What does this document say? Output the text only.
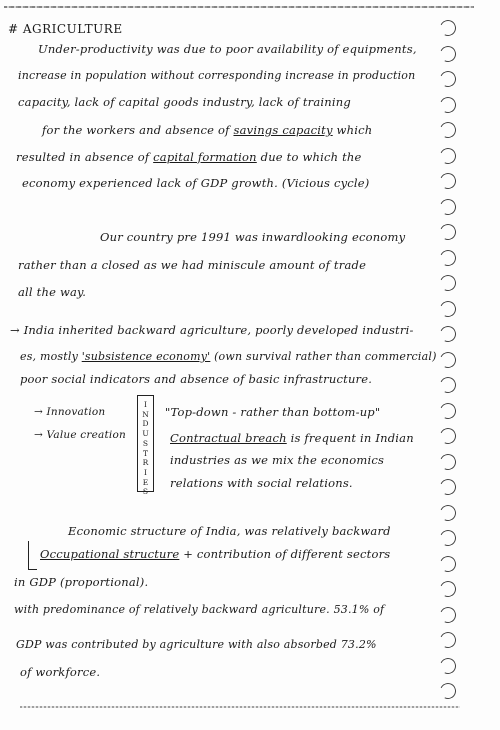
# AGRICULTURE
Under-productivity was due to poor availability of equipments,
increase in population without corresponding increase in production
capacity, lack of capital goods industry, lack of training
for the workers and absence of savings capacity which
resulted in absence of capital formation due to which the
economy experienced lack of GDP growth. (Vicious cycle)
Our country pre 1991 was inwardlooking economy
rather than a closed as we had miniscule amount of trade
all the way.
→ India inherited backward agriculture, poorly developed industri-
es, mostly 'subsistence economy' (own survival rather than commercial)
poor social indicators and absence of basic infrastructure.
→ Innovation
→ Value creation
I
N
D
U
S
T
R
I
E
S
"Top-down - rather than bottom-up"
Contractual breach is frequent in Indian
industries as we mix the economics
relations with social relations.
Economic structure of India, was relatively backward
Occupational structure + contribution of different sectors
in GDP (proportional).
with predominance of relatively backward agriculture. 53.1% of
GDP was contributed by agriculture with also absorbed 73.2%
of workforce.
